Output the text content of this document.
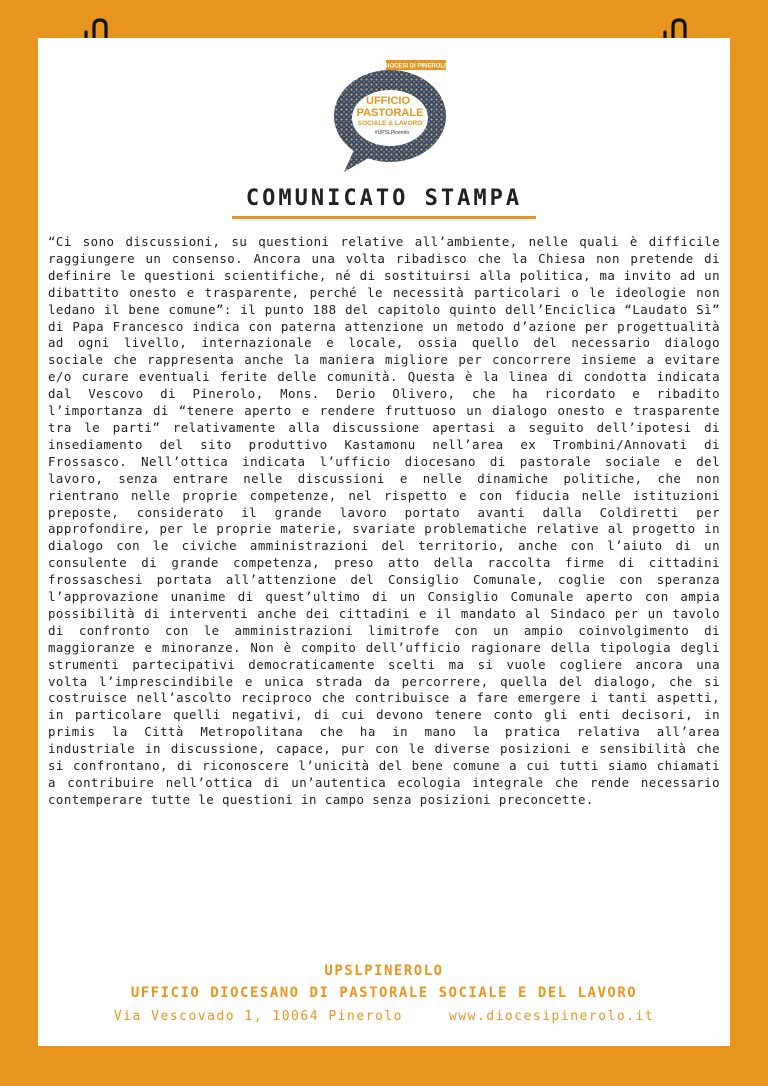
DIOCESI DI PINEROLO
UFFICIO
PASTORALE
SOCIALE & LAVORO
#UPSLPinerolo
COMUNICATO STAMPA

“Ci sono discussioni, su questioni relative all’ambiente, nelle quali è difficile raggiungere un consenso. Ancora una volta ribadisco che la Chiesa non pretende di definire le questioni scientifiche, né di sostituirsi alla politica, ma invito ad un dibattito onesto e trasparente, perché le necessità particolari o le ideologie non ledano il bene comune”: il punto 188 del capitolo quinto dell’Enciclica “Laudato Sì” di Papa Francesco indica con paterna attenzione un metodo d’azione per progettualità ad ogni livello, internazionale e locale, ossia quello del necessario dialogo sociale che rappresenta anche la maniera migliore per concorrere insieme a evitare e/o curare eventuali ferite delle comunità. Questa è la linea di condotta indicata dal Vescovo di Pinerolo, Mons. Derio Olivero, che ha ricordato e ribadito l’importanza di “tenere aperto e rendere fruttuoso un dialogo onesto e trasparente tra le parti” relativamente alla discussione apertasi a seguito dell’ipotesi di insediamento del sito produttivo Kastamonu nell’area ex Trombini/Annovati di Frossasco. Nell’ottica indicata l’ufficio diocesano di pastorale sociale e del lavoro, senza entrare nelle discussioni e nelle dinamiche politiche, che non rientrano nelle proprie competenze, nel rispetto e con fiducia nelle istituzioni preposte, considerato il grande lavoro portato avanti dalla Coldiretti per approfondire, per le proprie materie, svariate problematiche relative al progetto in dialogo con le civiche amministrazioni del territorio, anche con l’aiuto di un consulente di grande competenza, preso atto della raccolta firme di cittadini frossaschesi portata all’attenzione del Consiglio Comunale, coglie con speranza l’approvazione unanime di quest’ultimo di un Consiglio Comunale aperto con ampia possibilità di interventi anche dei cittadini e il mandato al Sindaco per un tavolo di confronto con le amministrazioni limitrofe con un ampio coinvolgimento di maggioranze e minoranze. Non è compito dell’ufficio ragionare della tipologia degli strumenti partecipativi democraticamente scelti ma si vuole cogliere ancora una volta l’imprescindibile e unica strada da percorrere, quella del dialogo, che si costruisce nell’ascolto reciproco che contribuisce a fare emergere i tanti aspetti, in particolare quelli negativi, di cui devono tenere conto gli enti decisori, in primis la Città Metropolitana che ha in mano la pratica relativa all’area industriale in discussione, capace, pur con le diverse posizioni e sensibilità che si confrontano, di riconoscere l’unicità del bene comune a cui tutti siamo chiamati a contribuire nell’ottica di un’autentica ecologia integrale che rende necessario contemperare tutte le questioni in campo senza posizioni preconcette.

UPSLPINEROLO
UFFICIO DIOCESANO DI PASTORALE SOCIALE E DEL LAVORO
Via Vescovado 1, 10064 Pinerolo	www.diocesipinerolo.it
